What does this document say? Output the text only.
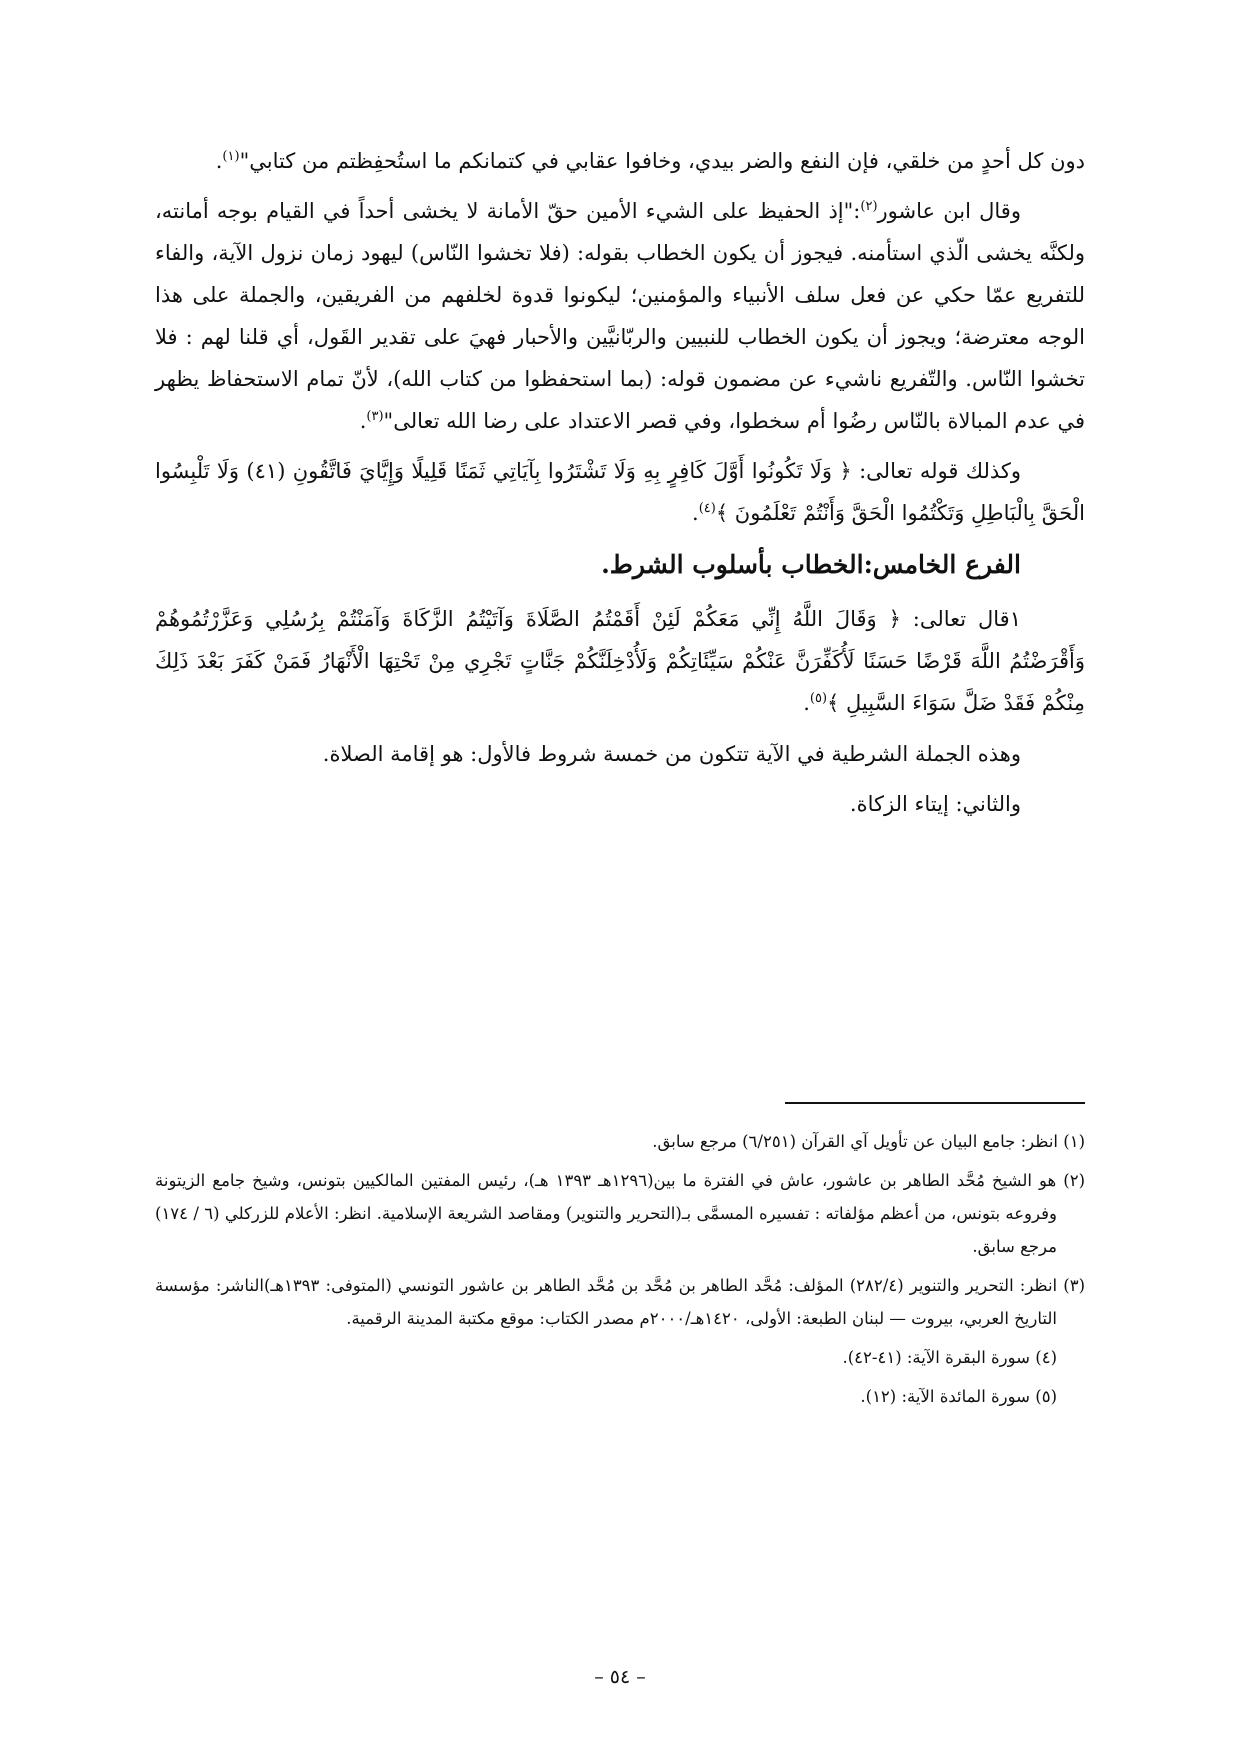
دون كل أحدٍ من خلقي، فإن النفع والضر بيدي، وخافوا عقابي في كتمانكم ما استُحفِظتم من كتابي"$^{(١)}$.

وقال ابن عاشور$^{(٢)}$:"إذ الحفيظ على الشيء الأمين حقّ الأمانة لا يخشى أحداً في القيام بوجه أمانته، ولكنَّه يخشى الّذي استأمنه. فيجوز أن يكون الخطاب بقوله: (فلا تخشوا النّاس) ليهود زمان نزول الآية، والفاء للتفريع عمّا حكي عن فعل سلف الأنبياء والمؤمنين؛ ليكونوا قدوة لخلفهم من الفريقين، والجملة على هذا الوجه معترضة؛ ويجوز أن يكون الخطاب للنبيين والربّانيَّين والأحبار فهيَ على تقدير القَول، أي قلنا لهم : فلا تخشوا النّاس. والتّفريع ناشيء عن مضمون قوله: (بما استحفظوا من كتاب الله)، لأنّ تمام الاستحفاظ يظهر في عدم المبالاة بالنّاس رضُوا أم سخطوا، وفي قصر الاعتداد على رضا الله تعالى"$^{(٣)}$.

وكذلك قوله تعالى: ﴿ وَلَا تَكُونُوا أَوَّلَ كَافِرٍ بِهِ وَلَا تَشْتَرُوا بِآيَاتِي ثَمَنًا قَلِيلًا وَإِيَّايَ فَاتَّقُونِ (٤١) وَلَا تَلْبِسُوا الْحَقَّ بِالْبَاطِلِ وَتَكْتُمُوا الْحَقَّ وَأَنْتُمْ تَعْلَمُونَ ﴾$^{(٤)}$.

الفرع الخامس:الخطاب بأسلوب الشرط.

١قال تعالى: ﴿ وَقَالَ اللَّهُ إِنِّي مَعَكُمْ لَئِنْ أَقَمْتُمُ الصَّلَاةَ وَآتَيْتُمُ الزَّكَاةَ وَآمَنْتُمْ بِرُسُلِي وَعَزَّرْتُمُوهُمْ وَأَقْرَضْتُمُ اللَّهَ قَرْضًا حَسَنًا لَأُكَفِّرَنَّ عَنْكُمْ سَيِّئَاتِكُمْ وَلَأُدْخِلَنَّكُمْ جَنَّاتٍ تَجْرِي مِنْ تَحْتِهَا الْأَنْهَارُ فَمَنْ كَفَرَ بَعْدَ ذَلِكَ مِنْكُمْ فَقَدْ ضَلَّ سَوَاءَ السَّبِيلِ ﴾$^{(٥)}$.

وهذه الجملة الشرطية في الآية تتكون من خمسة شروط فالأول: هو إقامة الصلاة.
والثاني: إيتاء الزكاة.

(١) انظر: جامع البيان عن تأويل آي القرآن (٦/٢٥١) مرجع سابق.

(٢) هو الشيخ مُحَّد الطاهر بن عاشور، عاش في الفترة ما بين(١٢٩٦هـ ١٣٩٣ هـ)، رئيس المفتين المالكيين بتونس، وشيخ جامع الزيتونة وفروعه بتونس، من أعظم مؤلفاته : تفسيره المسمَّى بـ(التحرير والتنوير) ومقاصد الشريعة الإسلامية. انظر: الأعلام للزركلي (٦ / ١٧٤) مرجع سابق.

(٣) انظر: التحرير والتنوير (٢٨٢/٤) المؤلف: مُحَّد الطاهر بن مُحَّد بن مُحَّد الطاهر بن عاشور التونسي (المتوفى: ١٣٩٣هـ)الناشر: مؤسسة التاريخ العربي، بيروت — لبنان الطبعة: الأولى، ١٤٢٠هـ/٢٠٠٠م مصدر الكتاب: موقع مكتبة المدينة الرقمية.

(٤) سورة البقرة الآية: (٤١-٤٢).

(٥) سورة المائدة الآية: (١٢).

– ٥٤ –
